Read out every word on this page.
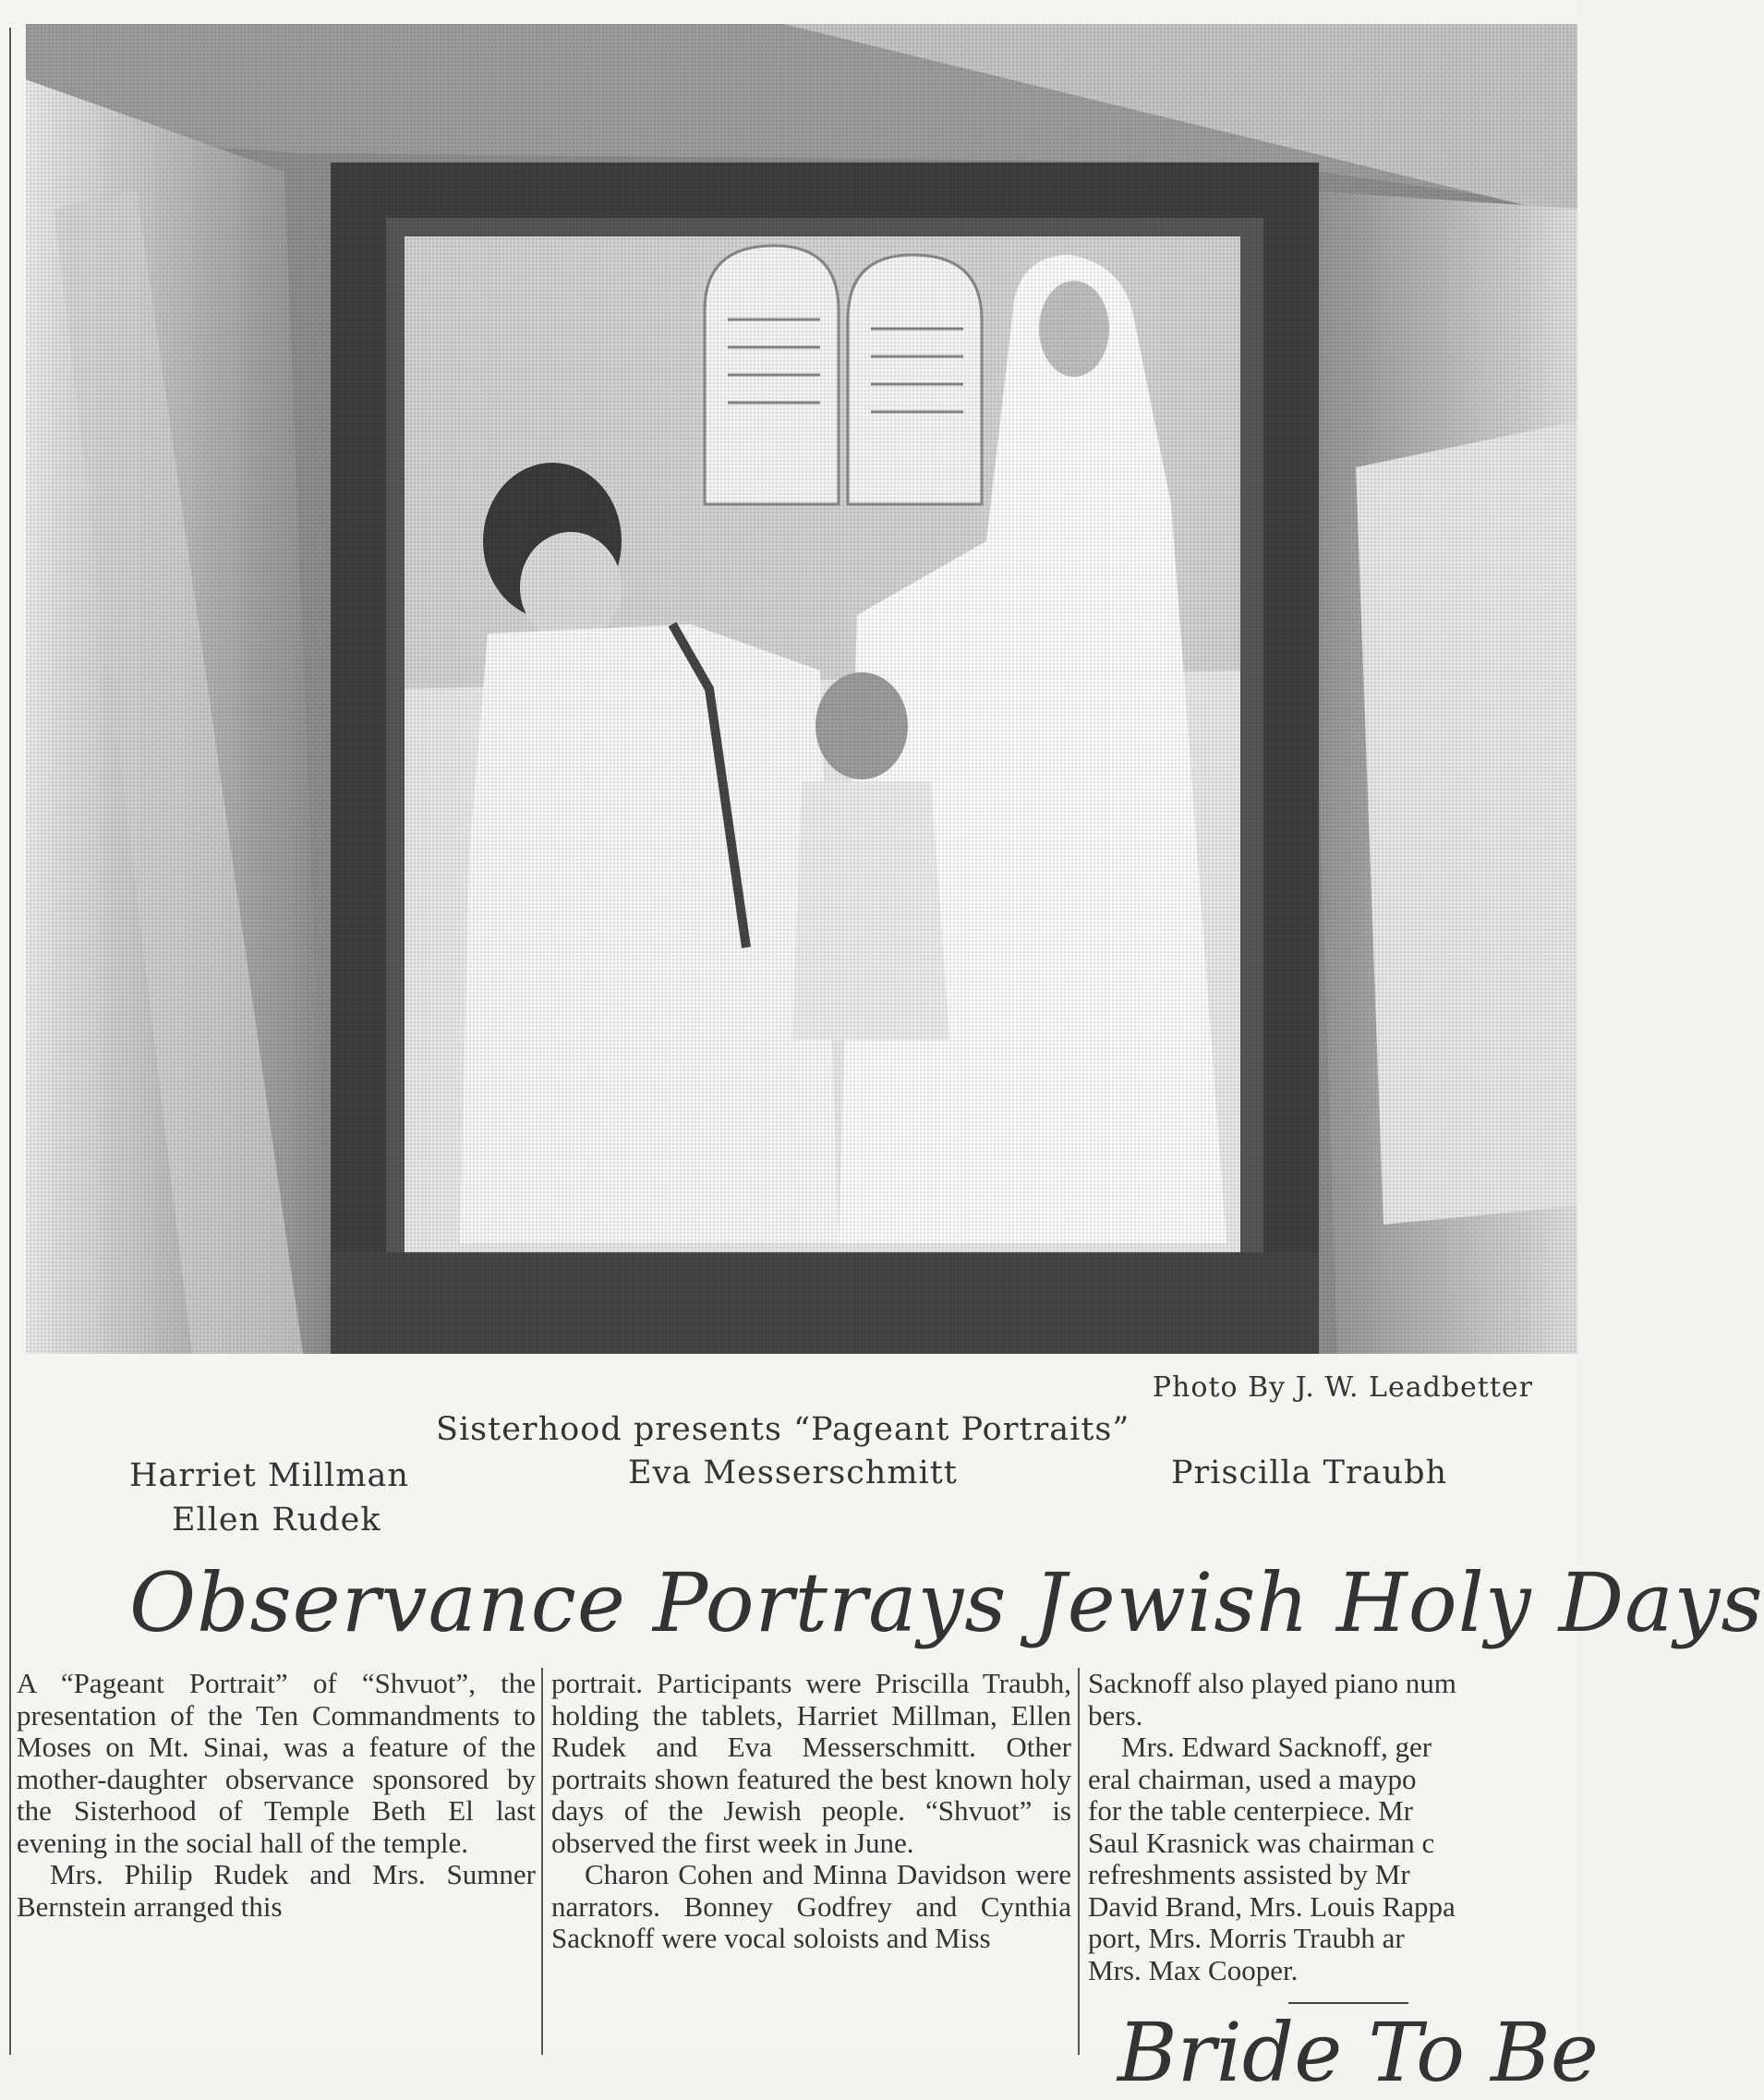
Photo By J. W. Leadbetter
Sisterhood presents “Pageant Portraits”
Harriet Millman
Ellen Rudek
Eva Messerschmitt	Priscilla Traubh
Observance Portrays Jewish Holy Days

A “Pageant Portrait” of “Shvuot”, the presentation of the Ten Commandments to Moses on Mt. Sinai, was a feature of the mother-daughter observance sponsored by the Sisterhood of Temple Beth El last evening in the social hall of the temple.

Mrs. Philip Rudek and Mrs. Sumner Bernstein arranged this

portrait. Participants were Priscilla Traubh, holding the tablets, Harriet Millman, Ellen Rudek and Eva Messerschmitt. Other portraits shown featured the best known holy days of the Jewish people. “Shvuot” is observed the first week in June.

Charon Cohen and Minna Davidson were narrators. Bonney Godfrey and Cynthia Sacknoff were vocal soloists and Miss

Sacknoff also played piano num
bers.
Mrs. Edward Sacknoff, ger
eral chairman, used a maypo
for the table centerpiece. Mr
Saul Krasnick was chairman c
refreshments assisted by Mr
David Brand, Mrs. Louis Rappa
port, Mrs. Morris Traubh ar
Mrs. Max Cooper.
Bride To Be
